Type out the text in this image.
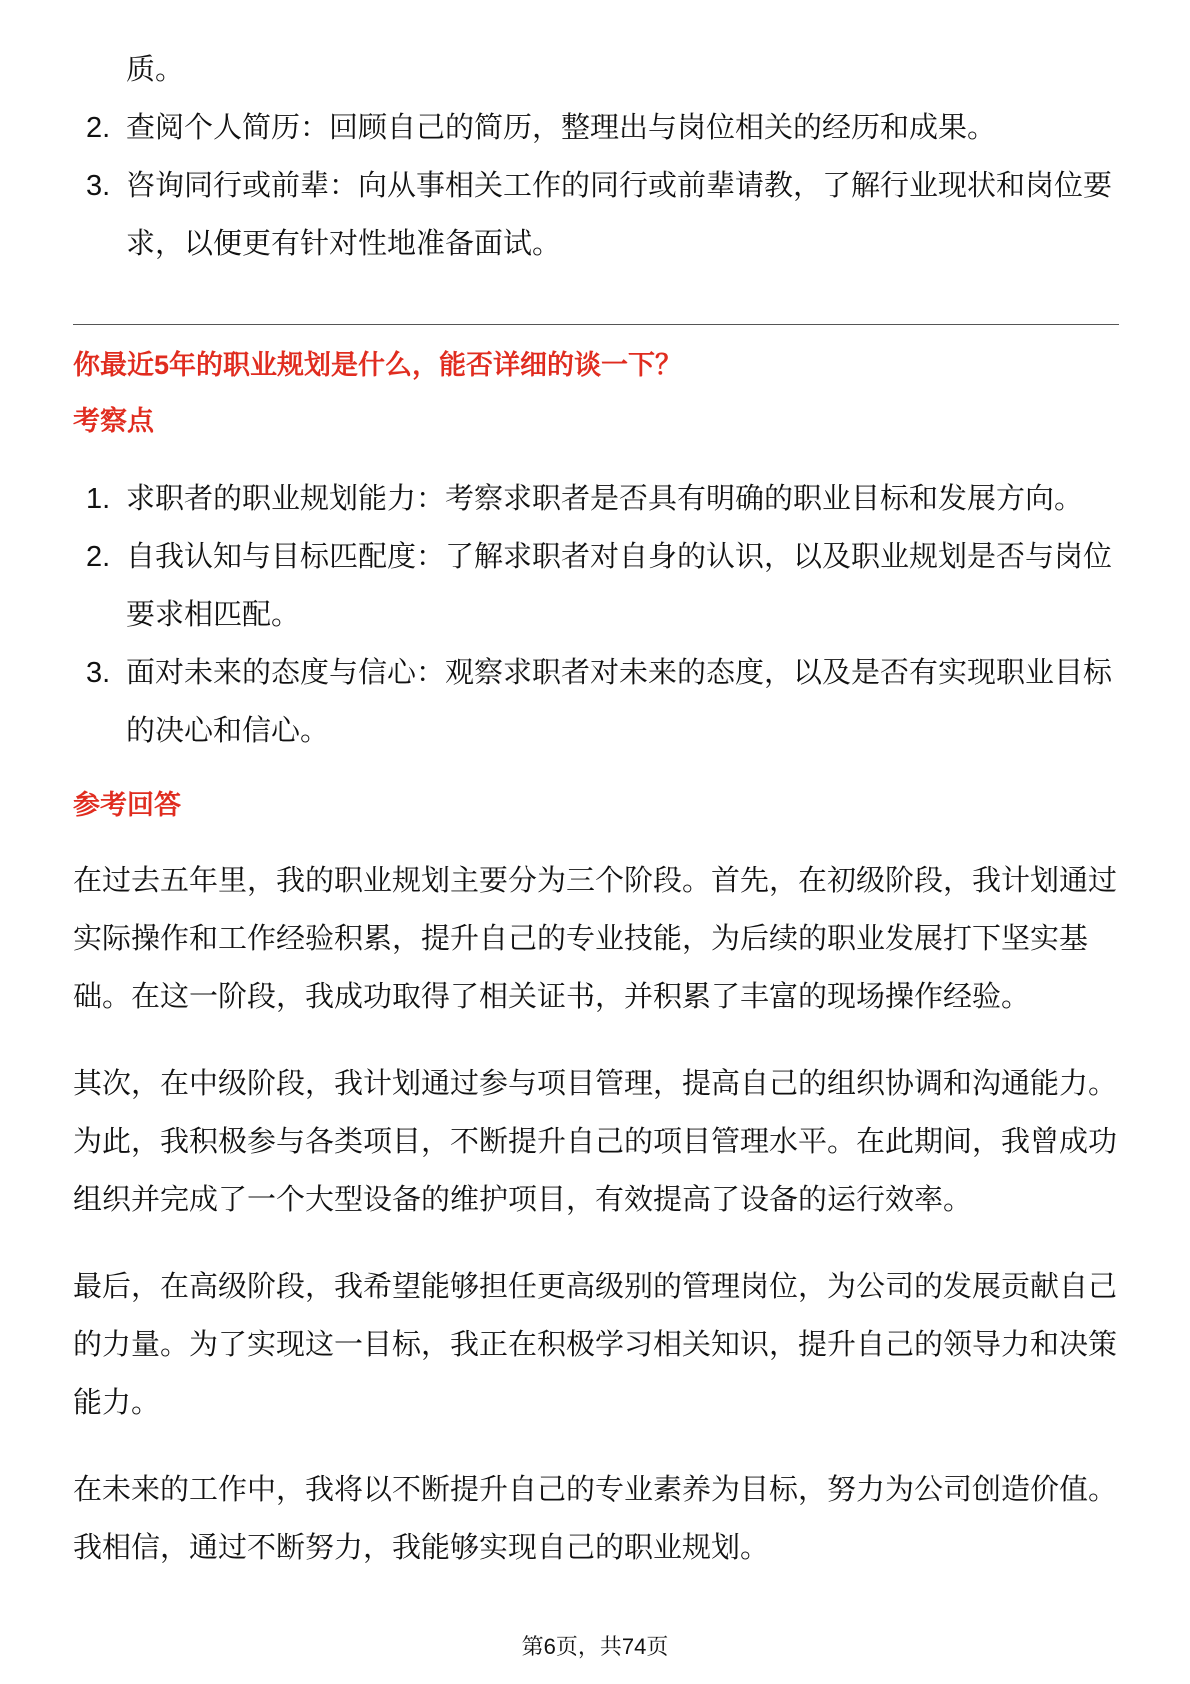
质。
2. 查阅个人简历：回顾自己的简历，整理出与岗位相关的经历和成果。
3. 咨询同行或前辈：向从事相关工作的同行或前辈请教，了解行业现状和岗位要求，以便更有针对性地准备面试。
你最近5年的职业规划是什么，能否详细的谈一下？
考察点
1. 求职者的职业规划能力：考察求职者是否具有明确的职业目标和发展方向。
2. 自我认知与目标匹配度：了解求职者对自身的认识，以及职业规划是否与岗位要求相匹配。
3. 面对未来的态度与信心：观察求职者对未来的态度，以及是否有实现职业目标的决心和信心。
参考回答

在过去五年里，我的职业规划主要分为三个阶段。首先，在初级阶段，我计划通过实际操作和工作经验积累，提升自己的专业技能，为后续的职业发展打下坚实基础。在这一阶段，我成功取得了相关证书，并积累了丰富的现场操作经验。

其次，在中级阶段，我计划通过参与项目管理，提高自己的组织协调和沟通能力。为此，我积极参与各类项目，不断提升自己的项目管理水平。在此期间，我曾成功组织并完成了一个大型设备的维护项目，有效提高了设备的运行效率。

最后，在高级阶段，我希望能够担任更高级别的管理岗位，为公司的发展贡献自己的力量。为了实现这一目标，我正在积极学习相关知识，提升自己的领导力和决策能力。

在未来的工作中，我将以不断提升自己的专业素养为目标，努力为公司创造价值。我相信，通过不断努力，我能够实现自己的职业规划。

第6页，共74页
